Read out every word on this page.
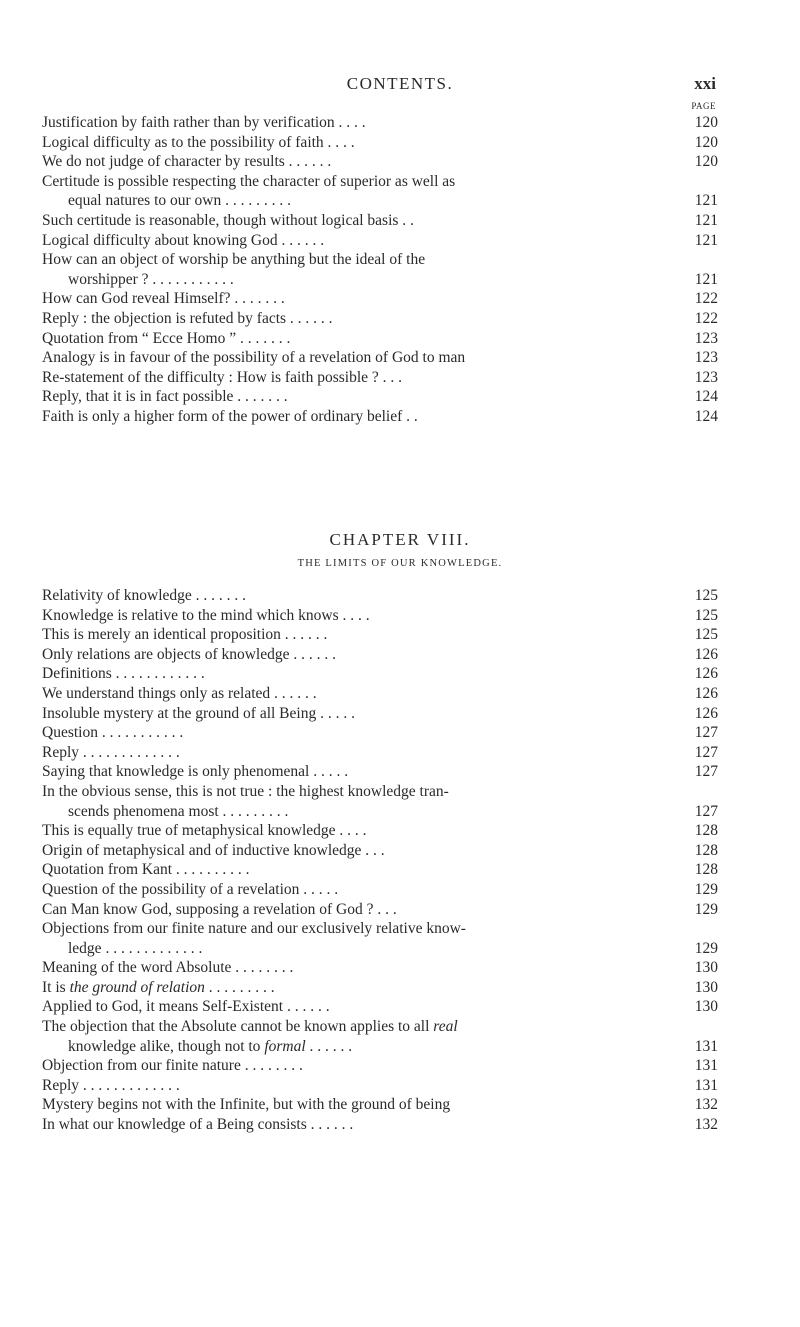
CONTENTS.	xxi
PAGE
Justification by faith rather than by verification . . . .	120
Logical difficulty as to the possibility of faith . . . .	120
We do not judge of character by results . . . . . .	120
Certitude is possible respecting the character of superior as well as
equal natures to our own . . . . . . . . .	121
Such certitude is reasonable, though without logical basis . .	121
Logical difficulty about knowing God . . . . . .	121
How can an object of worship be anything but the ideal of the
worshipper ? . . . . . . . . . . .	121
How can God reveal Himself? . . . . . . .	122
Reply : the objection is refuted by facts . . . . . .	122
Quotation from “ Ecce Homo ” . . . . . . .	123
Analogy is in favour of the possibility of a revelation of God to man	123
Re-statement of the difficulty : How is faith possible ? . . .	123
Reply, that it is in fact possible . . . . . . .	124
Faith is only a higher form of the power of ordinary belief . .	124
CHAPTER VIII.
THE LIMITS OF OUR KNOWLEDGE.
Relativity of knowledge . . . . . . .	125
Knowledge is relative to the mind which knows . . . .	125
This is merely an identical proposition . . . . . .	125
Only relations are objects of knowledge . . . . . .	126
Definitions . . . . . . . . . . . .	126
We understand things only as related . . . . . .	126
Insoluble mystery at the ground of all Being . . . . .	126
Question . . . . . . . . . . .	127
Reply . . . . . . . . . . . . .	127
Saying that knowledge is only phenomenal . . . . .	127
In the obvious sense, this is not true : the highest knowledge tran-
scends phenomena most . . . . . . . . .	127
This is equally true of metaphysical knowledge . . . .	128
Origin of metaphysical and of inductive knowledge . . .	128
Quotation from Kant . . . . . . . . . .	128
Question of the possibility of a revelation . . . . .	129
Can Man know God, supposing a revelation of God ? . . .	129
Objections from our finite nature and our exclusively relative know-
ledge . . . . . . . . . . . . .	129
Meaning of the word Absolute . . . . . . . .	130
It is the ground of relation . . . . . . . . .	130
Applied to God, it means Self-Existent . . . . . .	130
The objection that the Absolute cannot be known applies to all real
knowledge alike, though not to formal . . . . . .	131
Objection from our finite nature . . . . . . . .	131
Reply . . . . . . . . . . . . .	131
Mystery begins not with the Infinite, but with the ground of being	132
In what our knowledge of a Being consists . . . . . .	132
